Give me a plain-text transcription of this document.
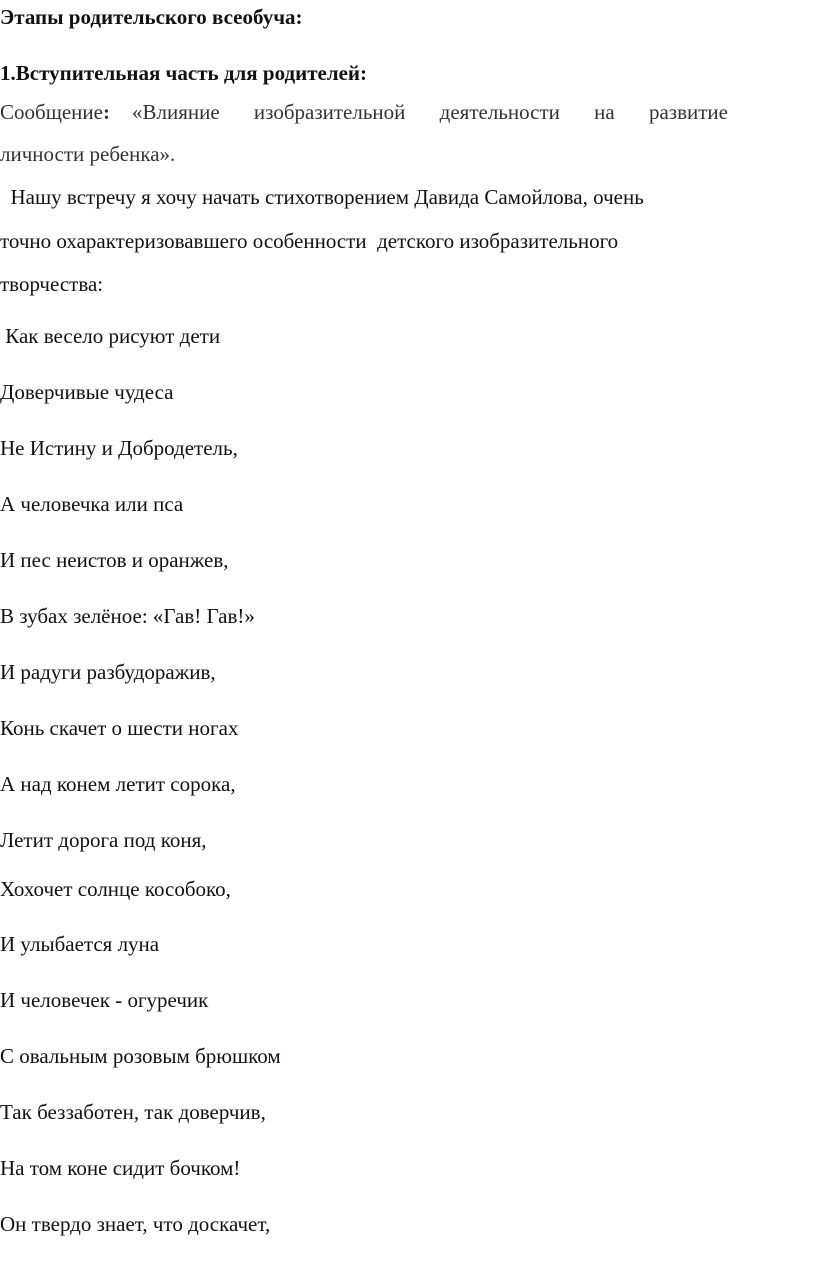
Этапы родительского всеобуча:
1.Вступительная часть для родителей:
Сообщение: «Влияние изобразительной деятельности на развитие
личности ребенка».
Нашу встречу я хочу начать стихотворением Давида Самойлова, очень
точно охарактеризовавшего особенности  детского изобразительного
творчества:
Как весело рисуют дети
Доверчивые чудеса
Не Истину и Добродетель,
А человечка или пса
И пес неистов и оранжев,
В зубах зелёное: «Гав! Гав!»
И радуги разбудоражив,
Конь скачет о шести ногах
А над конем летит сорока,
Летит дорога под коня,
Хохочет солнце кособоко,
И улыбается луна
И человечек - огуречик
С овальным розовым брюшком
Так беззаботен, так доверчив,
На том коне сидит бочком!
Он твердо знает, что доскачет,
